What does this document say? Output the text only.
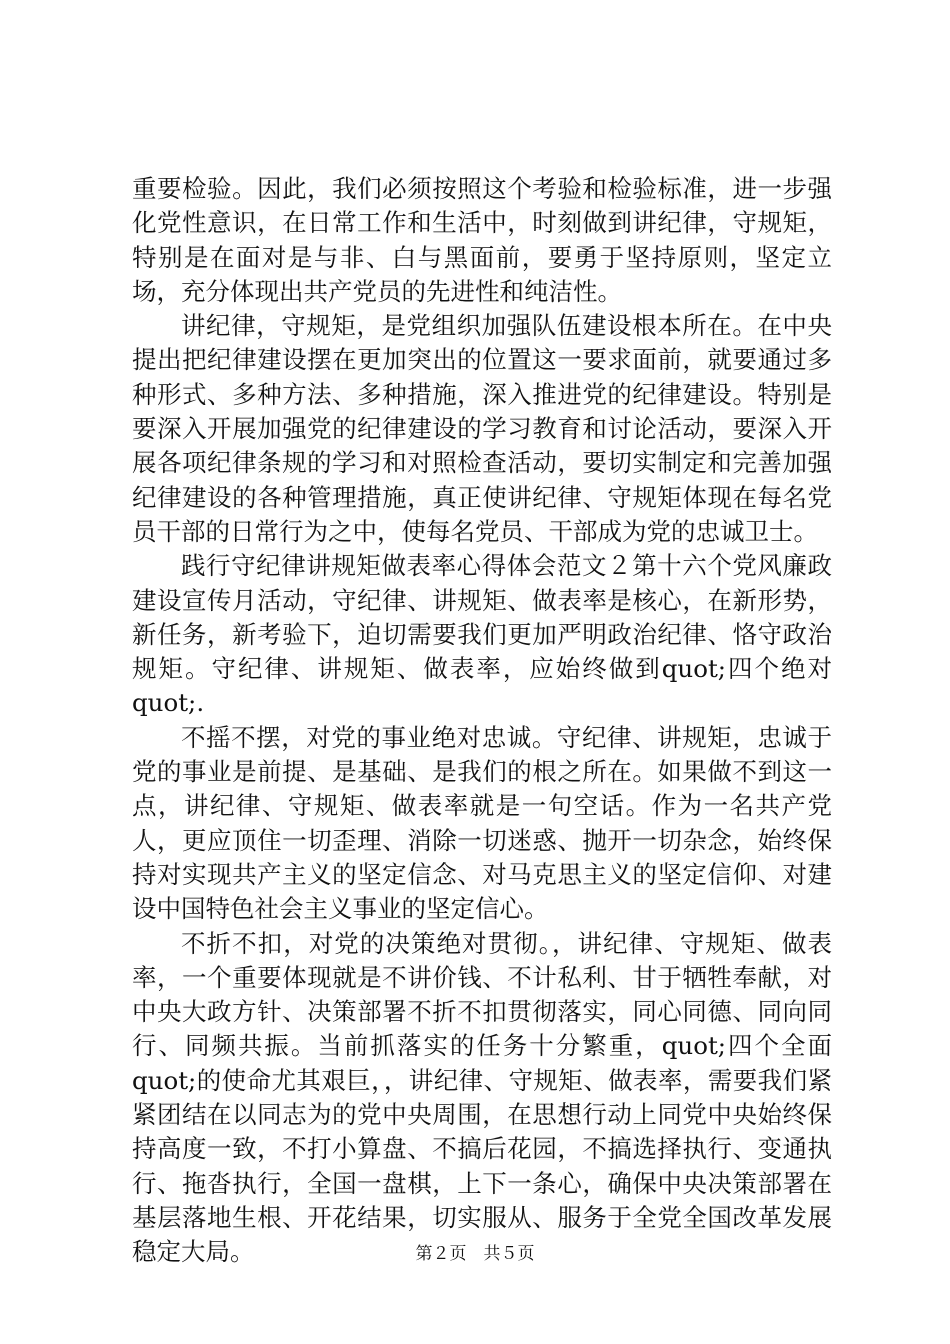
重要检验。因此，我们必须按照这个考验和检验标准，进一步强化党性意识，在日常工作和生活中，时刻做到讲纪律，守规矩，特别是在面对是与非、白与黑面前，要勇于坚持原则，坚定立场，充分体现出共产党员的先进性和纯洁性。

讲纪律，守规矩，是党组织加强队伍建设根本所在。在中央提出把纪律建设摆在更加突出的位置这一要求面前，就要通过多种形式、多种方法、多种措施，深入推进党的纪律建设。特别是要深入开展加强党的纪律建设的学习教育和讨论活动，要深入开展各项纪律条规的学习和对照检查活动，要切实制定和完善加强纪律建设的各种管理措施，真正使讲纪律、守规矩体现在每名党员干部的日常行为之中，使每名党员、干部成为党的忠诚卫士。

践行守纪律讲规矩做表率心得体会范文２第十六个党风廉政建设宣传月活动，守纪律、讲规矩、做表率是核心，在新形势，新任务，新考验下，迫切需要我们更加严明政治纪律、恪守政治规矩。守纪律、讲规矩、做表率，应始终做到quot;四个绝对quot;.

不摇不摆，对党的事业绝对忠诚。守纪律、讲规矩，忠诚于党的事业是前提、是基础、是我们的根之所在。如果做不到这一点，讲纪律、守规矩、做表率就是一句空话。作为一名共产党人，更应顶住一切歪理、消除一切迷惑、抛开一切杂念，始终保持对实现共产主义的坚定信念、对马克思主义的坚定信仰、对建设中国特色社会主义事业的坚定信心。

不折不扣，对党的决策绝对贯彻。，讲纪律、守规矩、做表率，一个重要体现就是不讲价钱、不计私利、甘于牺牲奉献，对中央大政方针、决策部署不折不扣贯彻落实，同心同德、同向同行、同频共振。当前抓落实的任务十分繁重，quot;四个全面quot;的使命尤其艰巨，，讲纪律、守规矩、做表率，需要我们紧紧团结在以同志为的党中央周围，在思想行动上同党中央始终保持高度一致，不打小算盘、不搞后花园，不搞选择执行、变通执行、拖沓执行，全国一盘棋，上下一条心，确保中央决策部署在基层落地生根、开花结果，切实服从、服务于全党全国改革发展稳定大局。	第２页　共５页
